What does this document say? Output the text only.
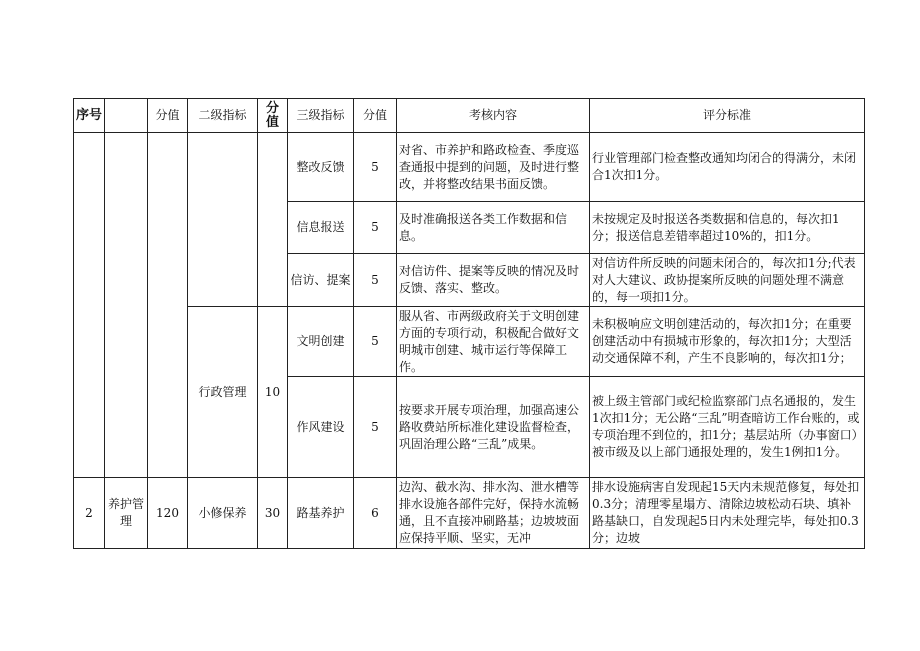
序号		分值	二级指标	分值	三级指标	分值	考核内容	评分标准
					整改反馈	5	对省、市养护和路政检查、季度巡查通报中提到的问题，及时进行整改，并将整改结果书面反馈。	行业管理部门检查整改通知均闭合的得满分，未闭合1次扣1分。
					信息报送	5	及时准确报送各类工作数据和信息。	未按规定及时报送各类数据和信息的，每次扣1分；报送信息差错率超过10%的，扣1分。
					信访、提案	5	对信访件、提案等反映的情况及时反馈、落实、整改。	对信访件所反映的问题未闭合的，每次扣1分;代表对人大建议、政协提案所反映的问题处理不满意的，每一项扣1分。
			行政管理	10	文明创建	5	服从省、市两级政府关于文明创建方面的专项行动，积极配合做好文明城市创建、城市运行等保障工作。	未积极响应文明创建活动的，每次扣1分；在重要创建活动中有损城市形象的，每次扣1分；大型活动交通保障不利，产生不良影响的，每次扣1分；
					作风建设	5	按要求开展专项治理，加强高速公路收费站所标准化建设监督检查，巩固治理公路“三乱”成果。	被上级主管部门或纪检监察部门点名通报的，发生1次扣1分；无公路“三乱”明查暗访工作台账的，或专项治理不到位的，扣1分；基层站所（办事窗口）被市级及以上部门通报处理的，发生1例扣1分。
2	养护管理	120	小修保养	30	路基养护	6	边沟、截水沟、排水沟、泄水槽等排水设施各部件完好，保持水流畅通，且不直接冲刷路基；边坡坡面应保持平顺、坚实，无冲	排水设施病害自发现起15天内未规范修复，每处扣0.3分；清理零星塌方、清除边坡松动石块、填补路基缺口，自发现起5日内未处理完毕，每处扣0.3分；边坡
